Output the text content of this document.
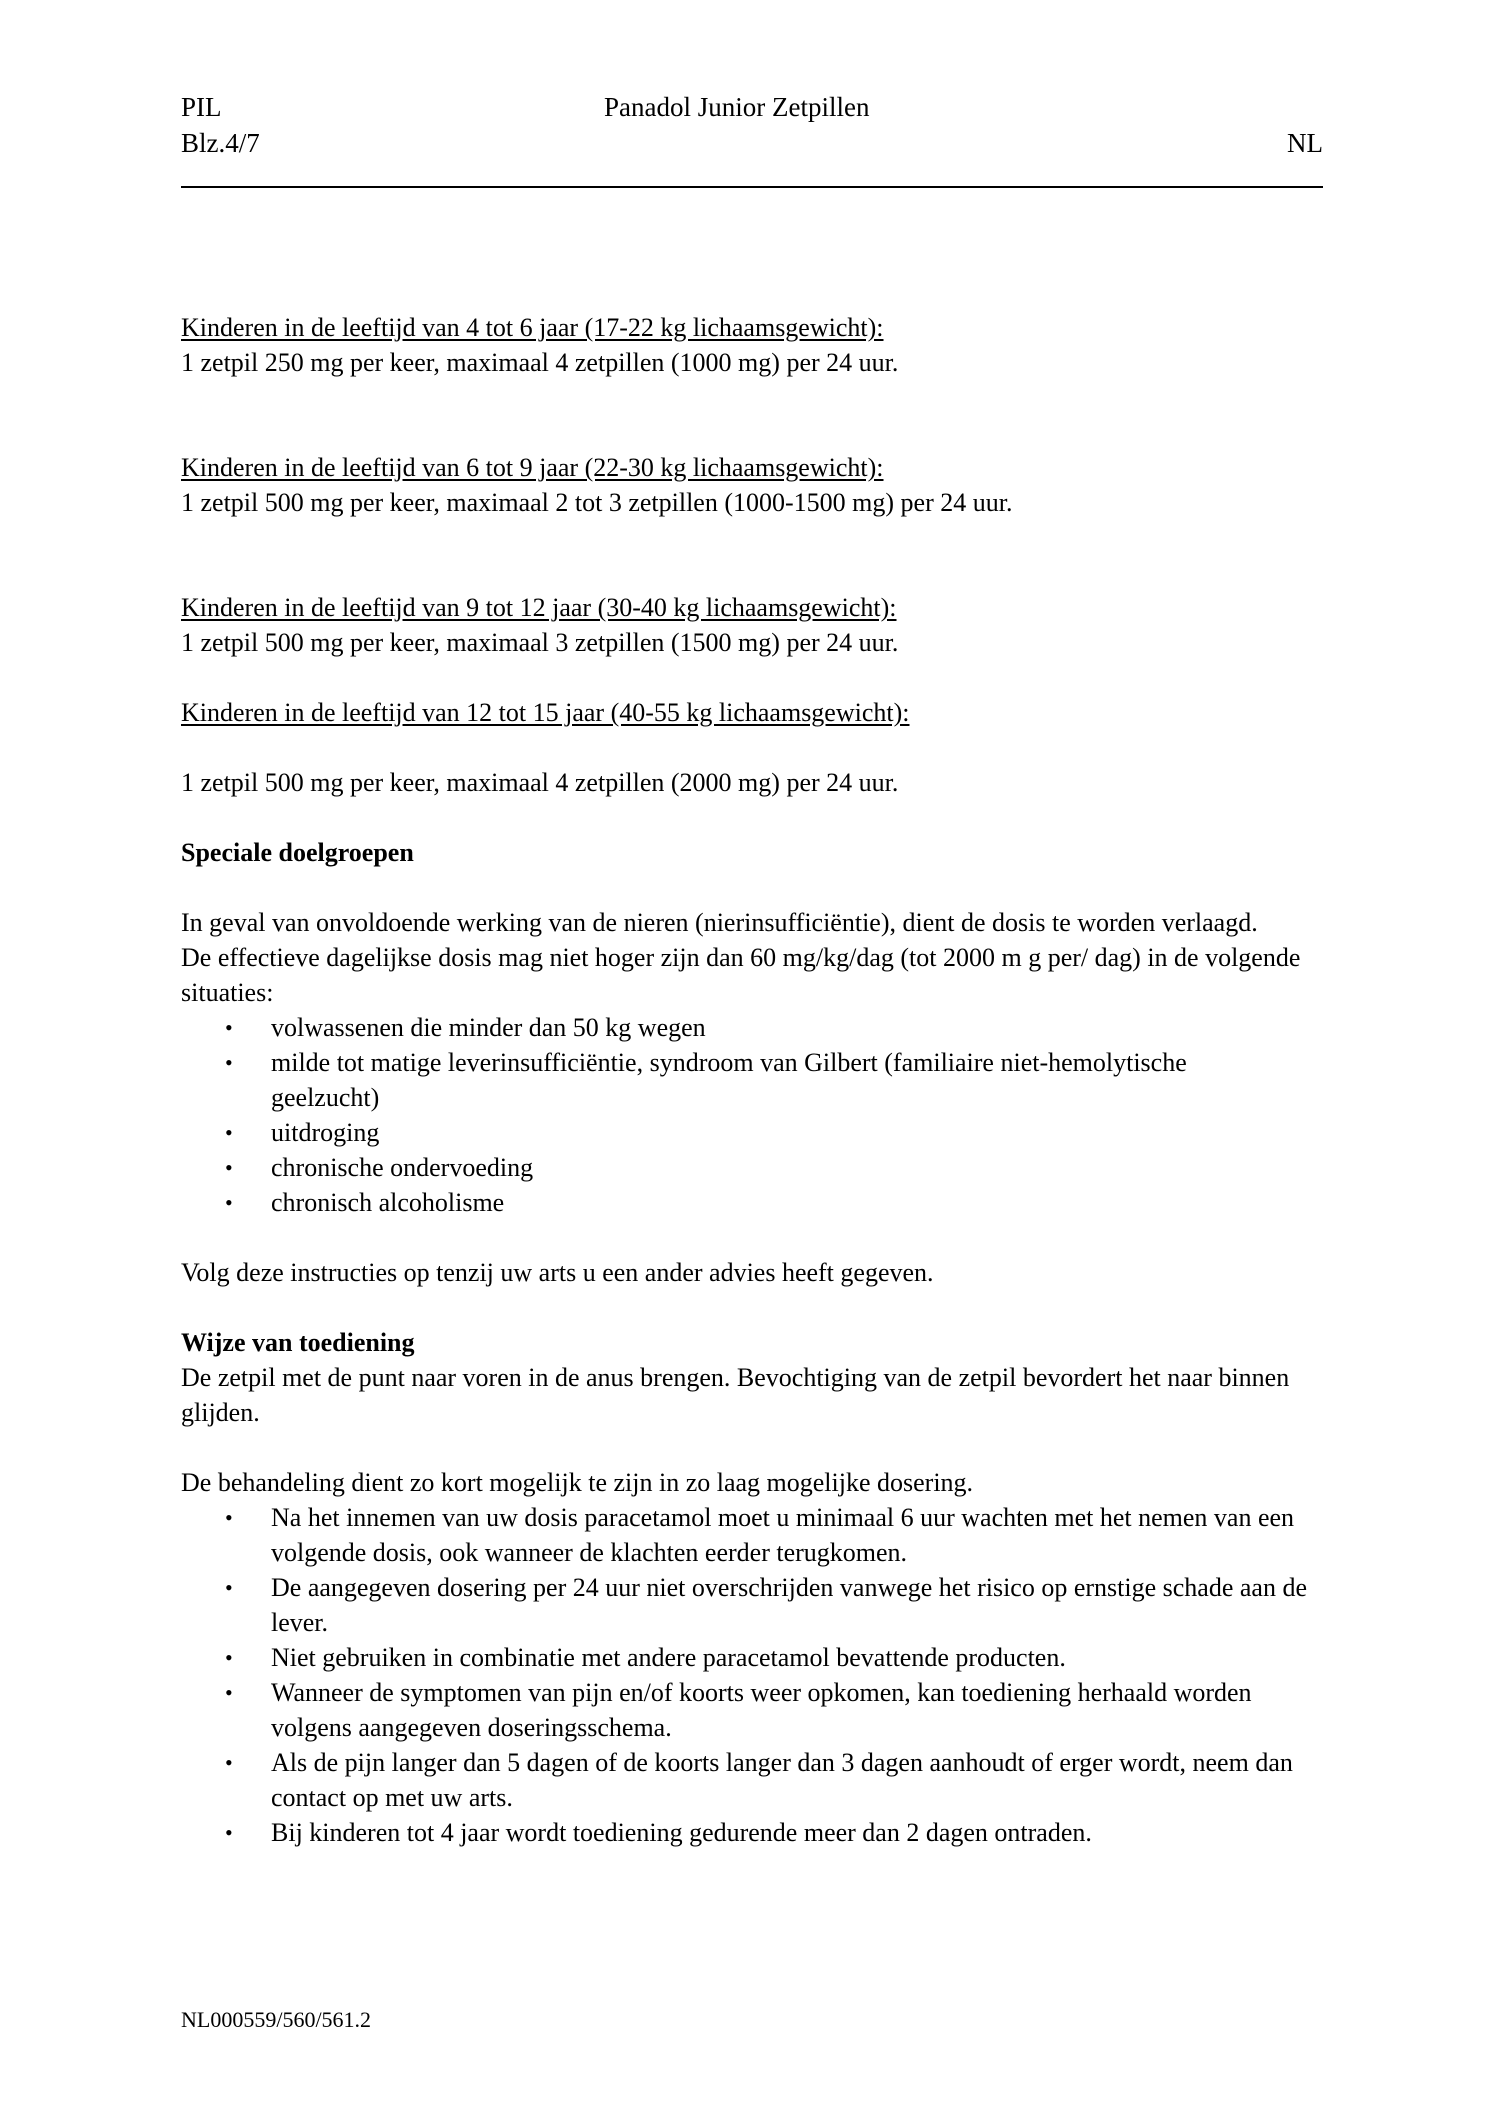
PIL	Panadol Junior Zetpillen
Blz.4/7	NL

Kinderen in de leeftijd van 4 tot 6 jaar (17-22 kg lichaamsgewicht):

1 zetpil 250 mg per keer, maximaal 4 zetpillen (1000 mg) per 24 uur.

Kinderen in de leeftijd van 6 tot 9 jaar (22-30 kg lichaamsgewicht):

1 zetpil 500 mg per keer, maximaal 2 tot 3 zetpillen (1000-1500 mg) per 24 uur.

Kinderen in de leeftijd van 9 tot 12 jaar (30-40 kg lichaamsgewicht):

1 zetpil 500 mg per keer, maximaal 3 zetpillen (1500 mg) per 24 uur.

Kinderen in de leeftijd van 12 tot 15 jaar (40-55 kg lichaamsgewicht):

1 zetpil 500 mg per keer, maximaal 4 zetpillen (2000 mg) per 24 uur.

Speciale doelgroepen

In geval van onvoldoende werking van de nieren (nierinsufficiëntie), dient de dosis te worden verlaagd.

De effectieve dagelijkse dosis mag niet hoger zijn dan 60 mg/kg/dag (tot 2000 m g per/ dag) in de volgende situaties:

• volwassenen die minder dan 50 kg wegen
• milde tot matige leverinsufficiëntie, syndroom van Gilbert (familiaire niet-hemolytische geelzucht)
• uitdroging
• chronische ondervoeding
• chronisch alcoholisme

Volg deze instructies op tenzij uw arts u een ander advies heeft gegeven.

Wijze van toediening

De zetpil met de punt naar voren in de anus brengen. Bevochtiging van de zetpil bevordert het naar binnen glijden.

De behandeling dient zo kort mogelijk te zijn in zo laag mogelijke dosering.

• Na het innemen van uw dosis paracetamol moet u minimaal 6 uur wachten met het nemen van een volgende dosis, ook wanneer de klachten eerder terugkomen.
• De aangegeven dosering per 24 uur niet overschrijden vanwege het risico op ernstige schade aan de lever.
• Niet gebruiken in combinatie met andere paracetamol bevattende producten.
• Wanneer de symptomen van pijn en/of koorts weer opkomen, kan toediening herhaald worden volgens aangegeven doseringsschema.
• Als de pijn langer dan 5 dagen of de koorts langer dan 3 dagen aanhoudt of erger wordt, neem dan contact op met uw arts.
• Bij kinderen tot 4 jaar wordt toediening gedurende meer dan 2 dagen ontraden.
NL000559/560/561.2
